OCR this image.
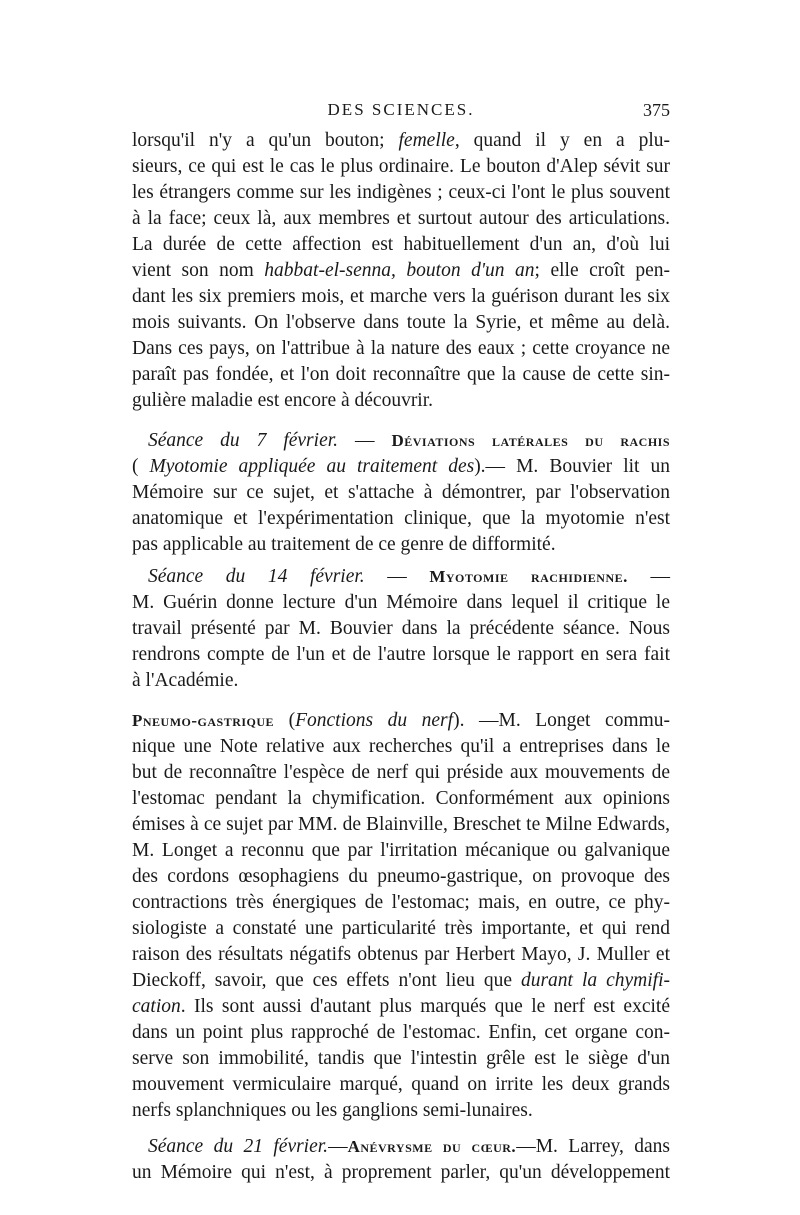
DES SCIENCES.	375
lorsqu'il n'y a qu'un bouton; femelle, quand il y en a plu-
sieurs, ce qui est le cas le plus ordinaire. Le bouton d'Alep sévit sur
les étrangers comme sur les indigènes ; ceux-ci l'ont le plus souvent
à la face; ceux là, aux membres et surtout autour des articulations.
La durée de cette affection est habituellement d'un an, d'où lui
vient son nom habbat-el-senna, bouton d'un an; elle croît pen-
dant les six premiers mois, et marche vers la guérison durant les six
mois suivants. On l'observe dans toute la Syrie, et même au delà.
Dans ces pays, on l'attribue à la nature des eaux ; cette croyance ne
paraît pas fondée, et l'on doit reconnaître que la cause de cette sin-
gulière maladie est encore à découvrir.
Séance du 7 février. — Déviations latérales du rachis
( Myotomie appliquée au traitement des).— M. Bouvier lit un
Mémoire sur ce sujet, et s'attache à démontrer, par l'observation
anatomique et l'expérimentation clinique, que la myotomie n'est
pas applicable au traitement de ce genre de difformité.
Séance du 14 février. — Myotomie rachidienne. —
M. Guérin donne lecture d'un Mémoire dans lequel il critique le
travail présenté par M. Bouvier dans la précédente séance. Nous
rendrons compte de l'un et de l'autre lorsque le rapport en sera fait
à l'Académie.
Pneumo-gastrique (Fonctions du nerf). —M. Longet commu-
nique une Note relative aux recherches qu'il a entreprises dans le
but de reconnaître l'espèce de nerf qui préside aux mouvements de
l'estomac pendant la chymification. Conformément aux opinions
émises à ce sujet par MM. de Blainville, Breschet te Milne Edwards,
M. Longet a reconnu que par l'irritation mécanique ou galvanique
des cordons œsophagiens du pneumo-gastrique, on provoque des
contractions très énergiques de l'estomac; mais, en outre, ce phy-
siologiste a constaté une particularité très importante, et qui rend
raison des résultats négatifs obtenus par Herbert Mayo, J. Muller et
Dieckoff, savoir, que ces effets n'ont lieu que durant la chymifi-
cation. Ils sont aussi d'autant plus marqués que le nerf est excité
dans un point plus rapproché de l'estomac. Enfin, cet organe con-
serve son immobilité, tandis que l'intestin grêle est le siège d'un
mouvement vermiculaire marqué, quand on irrite les deux grands
nerfs splanchniques ou les ganglions semi-lunaires.
Séance du 21 février.—Anévrysme du cœur.—M. Larrey, dans
un Mémoire qui n'est, à proprement parler, qu'un développement
